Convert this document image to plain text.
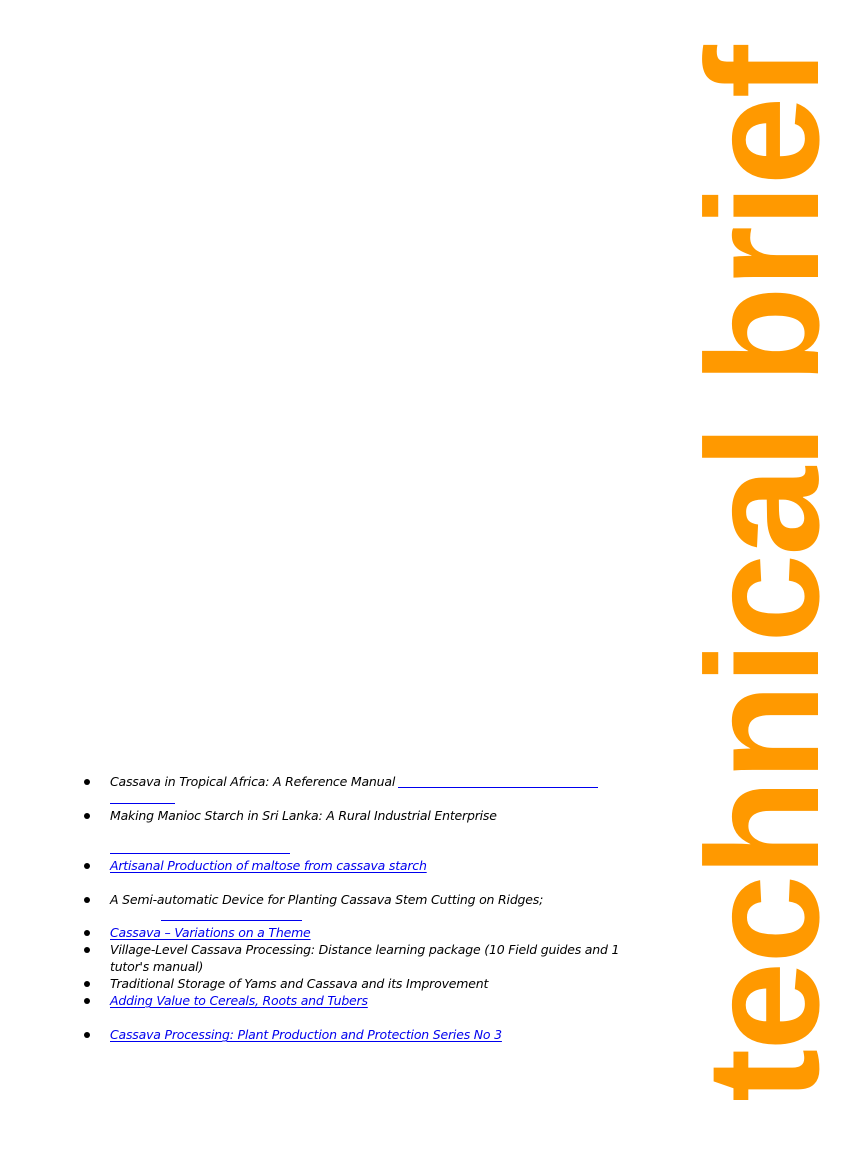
technical brief
Cassava in Tropical Africa: A Reference Manual
Making Manioc Starch in Sri Lanka: A Rural Industrial Enterprise
Artisanal Production of maltose from cassava starch
A Semi-automatic Device for Planting Cassava Stem Cutting on Ridges;
Cassava – Variations on a Theme
Village-Level Cassava Processing: Distance learning package (10 Field guides and 1 tutor's manual)
Traditional Storage of Yams and Cassava and its Improvement
Adding Value to Cereals, Roots and Tubers
Cassava Processing: Plant Production and Protection Series No 3
